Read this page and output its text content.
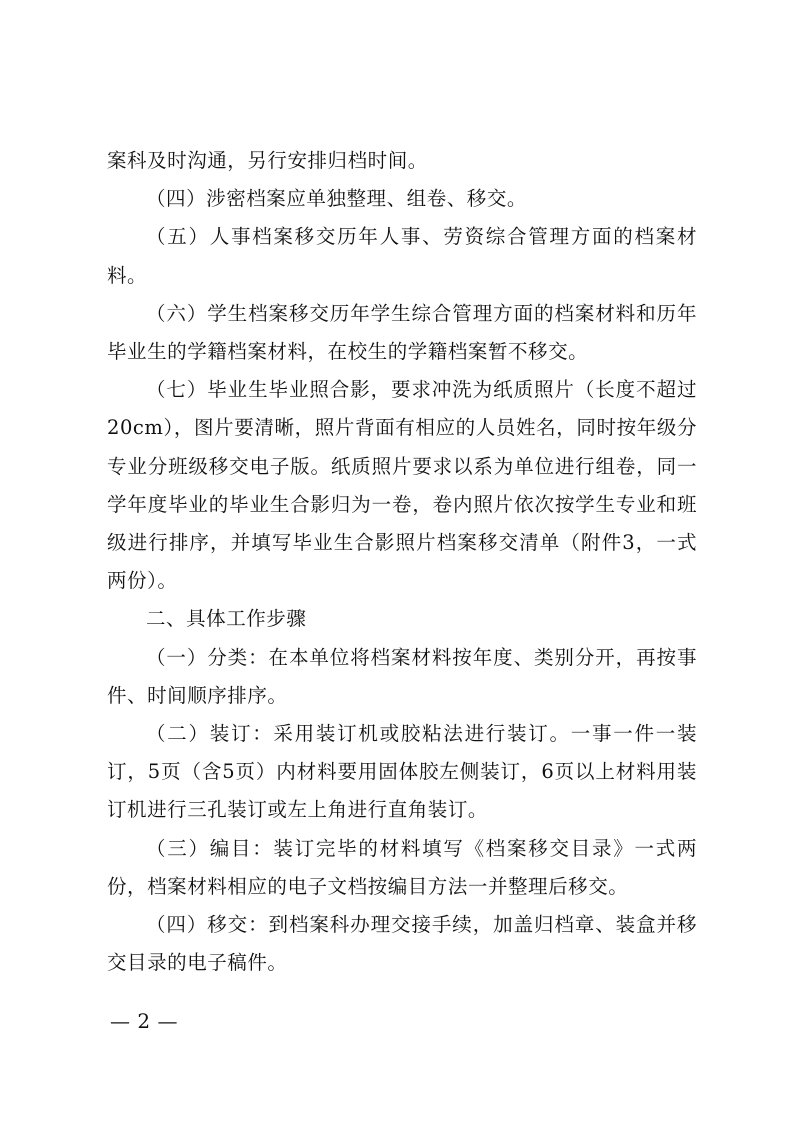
案科及时沟通，另行安排归档时间。

（四）涉密档案应单独整理、组卷、移交。

（五）人事档案移交历年人事、劳资综合管理方面的档案材料。

（六）学生档案移交历年学生综合管理方面的档案材料和历年毕业生的学籍档案材料，在校生的学籍档案暂不移交。

（七）毕业生毕业照合影，要求冲洗为纸质照片（长度不超过20cm），图片要清晰，照片背面有相应的人员姓名，同时按年级分专业分班级移交电子版。纸质照片要求以系为单位进行组卷，同一学年度毕业的毕业生合影归为一卷，卷内照片依次按学生专业和班级进行排序，并填写毕业生合影照片档案移交清单（附件3，一式两份）。

二、具体工作步骤

（一）分类：在本单位将档案材料按年度、类别分开，再按事件、时间顺序排序。

（二）装订：采用装订机或胶粘法进行装订。一事一件一装订，5页（含5页）内材料要用固体胶左侧装订，6页以上材料用装订机进行三孔装订或左上角进行直角装订。

（三）编目：装订完毕的材料填写《档案移交目录》一式两份，档案材料相应的电子文档按编目方法一并整理后移交。

（四）移交：到档案科办理交接手续，加盖归档章、装盒并移交目录的电子稿件。

— 2 —
